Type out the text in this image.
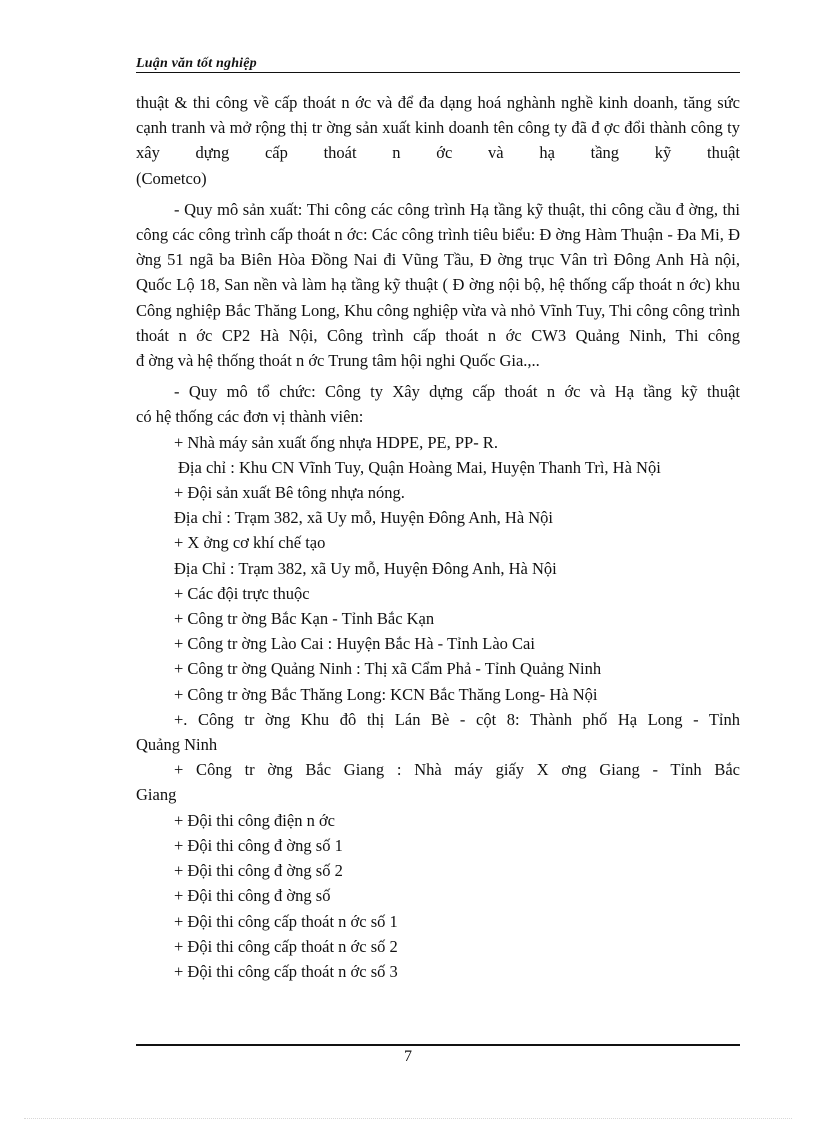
Luận văn tốt nghiệp

thuật & thi công về cấp thoát n ớc và để đa dạng hoá nghành nghề kinh doanh, tăng sức cạnh tranh và mở rộng thị tr ờng sản xuất kinh doanh tên công ty đã đ ợc đổi thành công ty xây dựng cấp thoát n ớc và hạ tầng kỹ thuật

(Cometco)

- Quy mô sản xuất: Thi công các công trình Hạ tầng kỹ thuật, thi công cầu đ ờng, thi công các công trình cấp thoát n ớc: Các công trình tiêu biểu: Đ ờng Hàm Thuận - Đa Mi, Đ ờng 51 ngã ba Biên Hòa Đồng Nai đi Vũng Tầu, Đ ờng trục Vân trì Đông Anh Hà nội, Quốc Lộ 18, San nền và làm hạ tầng kỹ thuật ( Đ ờng nội bộ, hệ thống cấp thoát n ớc) khu Công nghiệp Bắc Thăng Long, Khu công nghiệp vừa và nhỏ Vĩnh Tuy, Thi công công trình thoát n ớc CP2 Hà Nội, Công trình cấp thoát n ớc CW3 Quảng Ninh, Thi công

đ ờng và hệ thống thoát n ớc Trung tâm hội nghi Quốc Gia.,..

- Quy mô tổ chức: Công ty Xây dựng cấp thoát n ớc và Hạ tầng kỹ thuật

có hệ thống các đơn vị thành viên:

+ Nhà máy sản xuất ống nhựa HDPE, PE, PP- R.

Địa chỉ : Khu CN Vĩnh Tuy, Quận Hoàng Mai, Huyện Thanh Trì, Hà Nội

+ Đội sản xuất Bê tông nhựa nóng.

Địa chỉ : Trạm 382, xã Uy mỗ, Huyện Đông Anh, Hà Nội

+ X ởng cơ khí chế tạo

Địa Chỉ : Trạm 382, xã Uy mỗ, Huyện Đông Anh, Hà Nội

+ Các đội trực thuộc

+ Công tr ờng Bắc Kạn - Tỉnh Bắc Kạn

+ Công tr ờng Lào Cai : Huyện Bắc Hà - Tỉnh Lào Cai

+ Công tr ờng Quảng Ninh : Thị xã Cẩm Phả - Tỉnh Quảng Ninh

+ Công tr ờng Bắc Thăng Long: KCN Bắc Thăng Long- Hà Nội

+. Công tr ờng Khu đô thị Lán Bè - cột 8: Thành phố Hạ Long - Tỉnh

Quảng Ninh

+ Công tr ờng Bắc Giang : Nhà máy giấy X ơng Giang - Tỉnh Bắc

Giang

+ Đội thi công điện n ớc

+ Đội thi công đ ờng số 1

+ Đội thi công đ ờng số 2

+ Đội thi công đ ờng số

+ Đội thi công cấp thoát n ớc số 1

+ Đội thi công cấp thoát n ớc số 2

+ Đội thi công cấp thoát n ớc số 3

7
